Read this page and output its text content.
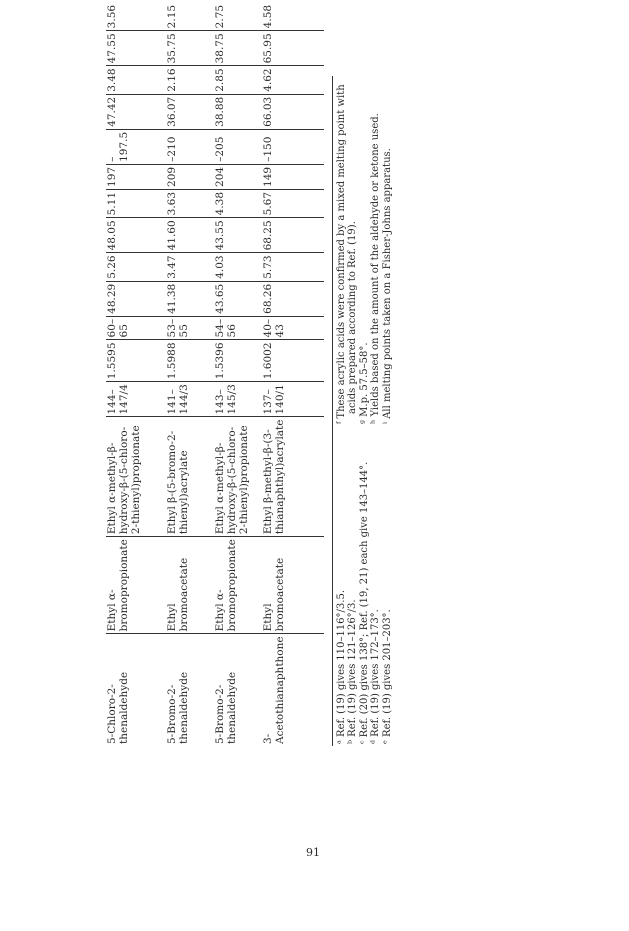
5-Chloro-2-thenaldehyde	Ethyl α-bromopropionate	Ethyl α-methyl-β-hydroxy-β-(5-chloro-2-thienyl)propionate	144–147/4	1.5595	60–65	48.29	5.26	48.05	5.11	197	–197.5	47.42	3.48	47.55	3.56
5-Bromo-2-thenaldehyde	Ethyl bromoacetate	Ethyl β-(5-bromo-2-thienyl)acrylate	141–144/3	1.5988	53–55	41.38	3.47	41.60	3.63	209	–210	36.07	2.16	35.75	2.15
5-Bromo-2-thenaldehyde	Ethyl α-bromopropionate	Ethyl α-methyl-β-hydroxy-β-(5-chloro-2-thienyl)propionate	143–145/3	1.5396	54–56	43.65	4.03	43.55	4.38	204	–205	38.88	2.85	38.75	2.75
3-Acetothianaphthone	Ethyl bromoacetate	Ethyl β-methyl-β-(3-thianaphthyl)acrylate	137–140/1	1.6002	40–43	68.26	5.73	68.25	5.67	149	–150	66.03	4.62	65.95	4.58
ᵃ Ref. (19) gives 110–116°/3.5. ᵇ Ref. (19) gives 121–126°/3. ᶜ Ref. (20) gives 138°; Ref. (19, 21) each give 143–144°. ᵈ Ref. (19) gives 172–173°. ᵉ Ref. (19) gives 201–203°.
ᶠ These acrylic acids were confirmed by a mixed melting point with acids prepared according to Ref. (19). ᵍ M.p. 57.5–58°. ʰ Yields based on the amount of the aldehyde or ketone used. ⁱ All melting points taken on a Fisher-Johns apparatus.
91
